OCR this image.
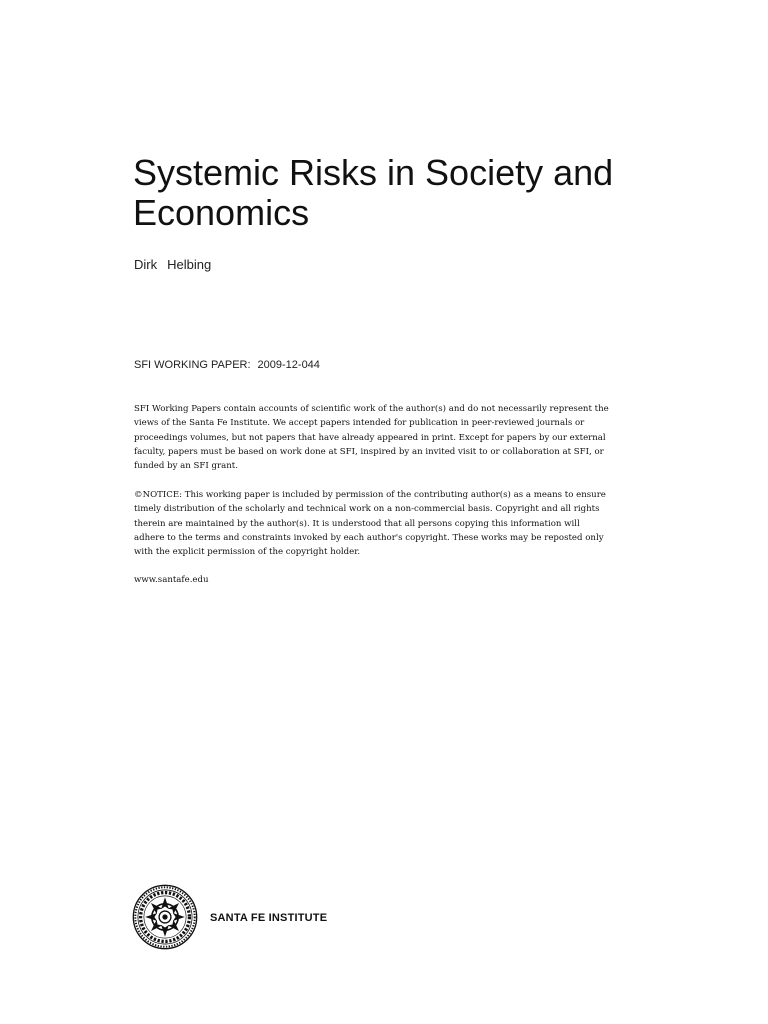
Systemic Risks in Society and
Economics
Dirk Helbing
SFI WORKING PAPER: 2009-12-044
SFI Working Papers contain accounts of scientific work of the author(s) and do not necessarily represent the
views of the Santa Fe Institute. We accept papers intended for publication in peer-reviewed journals or
proceedings volumes, but not papers that have already appeared in print. Except for papers by our external
faculty, papers must be based on work done at SFI, inspired by an invited visit to or collaboration at SFI, or
funded by an SFI grant.
©NOTICE: This working paper is included by permission of the contributing author(s) as a means to ensure
timely distribution of the scholarly and technical work on a non-commercial basis. Copyright and all rights
therein are maintained by the author(s). It is understood that all persons copying this information will
adhere to the terms and constraints invoked by each author's copyright. These works may be reposted only
with the explicit permission of the copyright holder.
www.santafe.edu
SANTA FE INSTITUTE
